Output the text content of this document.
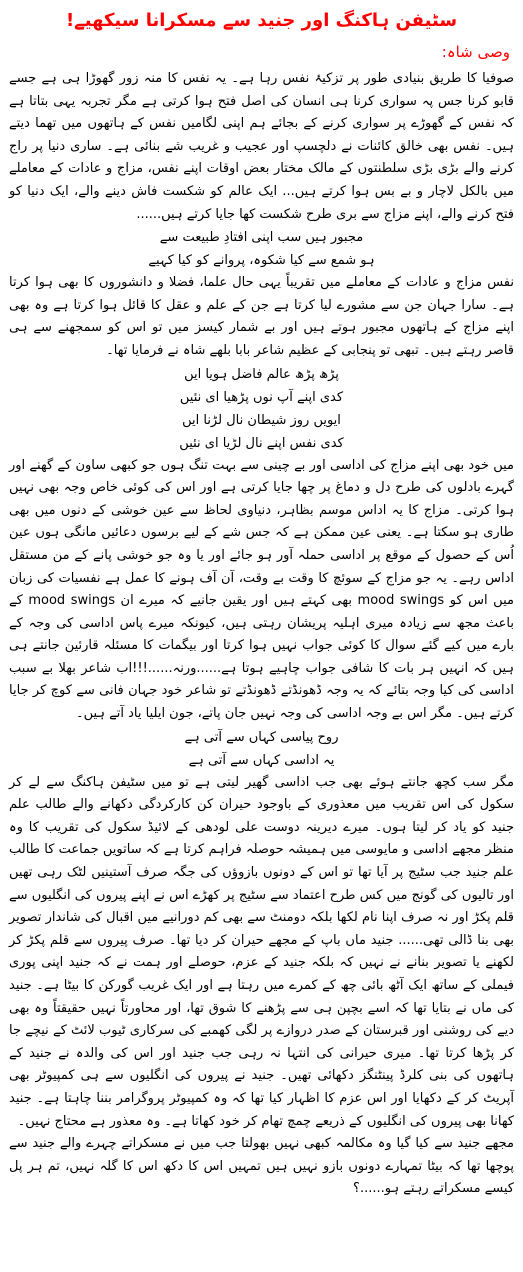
سٹیفن ہاکنگ اور جنید سے مسکرانا سیکھیے!
وصی شاہ:

صوفیا کا طریق بنیادی طور پر تزکیۂ نفس رہا ہے۔ یہ نفس کا منہ زور گھوڑا ہی ہے جسے قابو کرنا جس پہ سواری کرنا ہی انسان کی اصل فتح ہوا کرتی ہے مگر تجربہ یہی بتاتا ہے کہ نفس کے گھوڑے پر سواری کرنے کے بجائے ہم اپنی لگامیں نفس کے ہاتھوں میں تھما دیتے ہیں۔ نفس بھی خالق کائنات نے دلچسپ اور عجیب و غریب شے بنائی ہے۔ ساری دنیا پر راج کرنے والے بڑی بڑی سلطنتوں کے مالک مختار بعض اوقات اپنے نفس، مزاج و عادات کے معاملے میں بالکل لاچار و بے بس ہوا کرتے ہیں... ایک عالم کو شکست فاش دینے والے، ایک دنیا کو فتح کرنے والے، اپنے مزاج سے بری طرح شکست کھا جایا کرتے ہیں......

مجبور ہیں سب اپنی افتادِ طبیعت سے

ہو شمع سے کیا شکوہ، پروانے کو کیا کہیے

نفس مزاج و عادات کے معاملے میں تقریباً یہی حال علما، فضلا و دانشوروں کا بھی ہوا کرتا ہے۔ سارا جہان جن سے مشورے لیا کرتا ہے جن کے علم و عقل کا قائل ہوا کرتا ہے وہ بھی اپنے مزاج کے ہاتھوں مجبور ہوتے ہیں اور بے شمار کیسز میں تو اس کو سمجھنے سے ہی قاصر رہتے ہیں۔ تبھی تو پنجابی کے عظیم شاعر بابا بلھے شاہ نے فرمایا تھا۔

پڑھ پڑھ عالم فاضل ہویا ایں

کدی اپنے آپ نوں پڑھیا ای نئیں

ایویں روز شیطان نال لڑنا ایں

کدی نفس اپنے نال لڑیا ای نئیں

میں خود بھی اپنے مزاج کی اداسی اور بے چینی سے بہت تنگ ہوں جو کبھی ساون کے گھنے اور گہرے بادلوں کی طرح دل و دماغ پر چھا جایا کرتی ہے اور اس کی کوئی خاص وجہ بھی نہیں ہوا کرتی۔ مزاج کا یہ اداس موسم بظاہر، دنیاوی لحاظ سے عین خوشی کے دنوں میں بھی طاری ہو سکتا ہے۔ یعنی عین ممکن ہے کہ جس شے کے لیے برسوں دعائیں مانگی ہوں عین اُس کے حصول کے موقع پر اداسی حملہ آور ہو جائے اور یا وہ جو خوشی پانے کے من مستقل اداس رہے۔ یہ جو مزاج کے سوئچ کا وقت بے وقت، آن آف ہونے کا عمل ہے نفسیات کی زبان میں اس کو mood swings بھی کہتے ہیں اور یقین جانیے کہ میرے ان mood swings کے باعث مجھ سے زیادہ میری اہلیہ پریشان رہتی ہیں، کیونکہ میرے پاس اداسی کی وجہ کے بارے میں کیے گئے سوال کا کوئی جواب نہیں ہوا کرتا اور بیگمات کا مسئلہ قارئین جانتے ہی ہیں کہ انہیں ہر بات کا شافی جواب چاہیے ہوتا ہے......ورنہ......!!!اب شاعر بھلا بے سبب اداسی کی کیا وجہ بتائے کہ یہ وجہ ڈھونڈتے ڈھونڈتے تو شاعر خود جہان فانی سے کوچ کر جایا کرتے ہیں۔ مگر اس بے وجہ اداسی کی وجہ نہیں جان پاتے، جون ایلیا یاد آتے ہیں۔

روح پیاسی کہاں سے آتی ہے

یہ اداسی کہاں سے آتی ہے

مگر سب کچھ جانتے ہوئے بھی جب اداسی گھیر لیتی ہے تو میں سٹیفن ہاکنگ سے لے کر سکول کی اس تقریب میں معذوری کے باوجود حیران کن کارکردگی دکھانے والے طالب علم جنید کو یاد کر لیتا ہوں۔ میرے دیرینہ دوست علی لودھی کے لائیڈ سکول کی تقریب کا وہ منظر مجھے اداسی و مایوسی میں ہمیشہ حوصلہ فراہم کرتا ہے کہ ساتویں جماعت کا طالب علم جنید جب سٹیج پر آیا تھا تو اس کے دونوں بازوؤں کی جگہ صرف آستینیں لٹک رہی تھیں اور تالیوں کی گونج میں کس طرح اعتماد سے سٹیج پر کھڑے اس نے اپنے پیروں کی انگلیوں سے قلم پکڑ اور نہ صرف اپنا نام لکھا بلکہ دومنٹ سے بھی کم دورانیے میں اقبال کی شاندار تصویر بھی بنا ڈالی تھی...... جنید ماں باپ کے مجھے حیران کر دیا تھا۔ صرف پیروں سے قلم پکڑ کر لکھنے یا تصویر بنانے نے نہیں کہ بلکہ جنید کے عزم، حوصلے اور ہمت نے کہ جنید اپنی پوری فیملی کے ساتھ ایک آٹھ بائی چھ کے کمرے میں رہتا ہے اور ایک غریب گورکن کا بیٹا ہے۔ جنید کی ماں نے بتایا تھا کہ اسے بچپن ہی سے پڑھنے کا شوق تھا، اور محاورتاً نہیں حقیقتاً وہ بھی دیے کی روشنی اور قبرستان کے صدر دروازے پر لگی کھمبے کی سرکاری ٹیوب لائٹ کے نیچے جا کر پڑھا کرتا تھا۔ میری حیرانی کی انتہا نہ رہی جب جنید اور اس کی والدہ نے جنید کے ہاتھوں کی بنی کلرڈ پینٹنگز دکھائی تھیں۔ جنید نے پیروں کی انگلیوں سے ہی کمپیوٹر بھی آپریٹ کر کے دکھایا اور اس عزم کا اظہار کیا تھا کہ وہ کمپیوٹر پروگرامر بننا چاہتا ہے۔ جنید کھانا بھی پیروں کی انگلیوں کے ذریعے چمچ تھام کر خود کھاتا ہے۔ وہ معذور ہے محتاج نہیں۔

مجھے جنید سے کیا گیا وہ مکالمہ کبھی نہیں بھولتا جب میں نے مسکراتے چہرے والے جنید سے پوچھا تھا کہ بیٹا تمہارے دونوں بازو نہیں ہیں تمہیں اس کا دکھ اس کا گلہ نہیں، تم ہر پل کیسے مسکراتے رہتے ہو......؟
